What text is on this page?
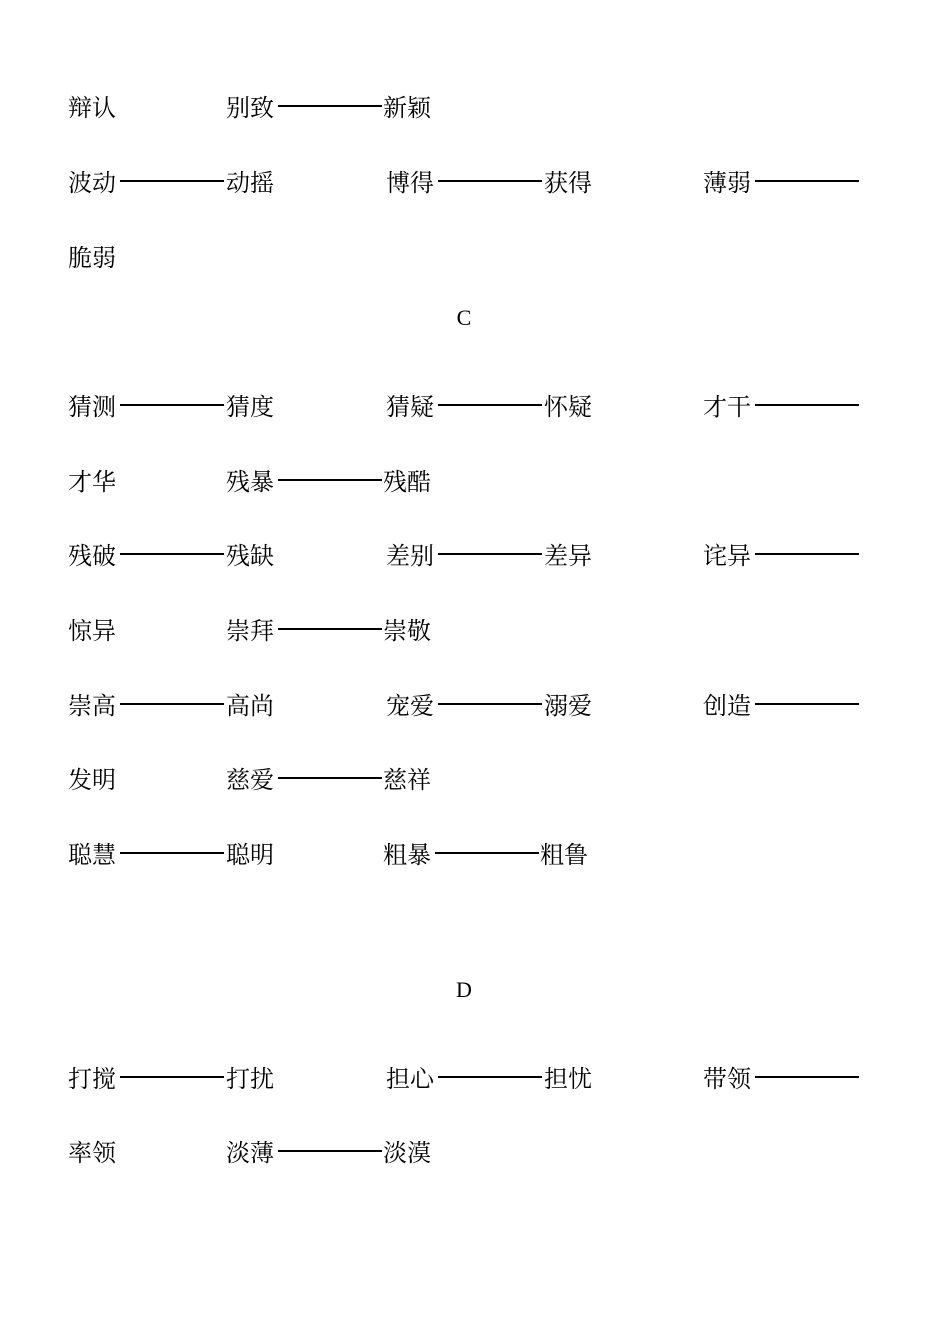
辩认	别致	新颖
波动	动摇	博得	获得	薄弱
脆弱
C
猜测	猜度	猜疑	怀疑	才干
才华	残暴	残酷
残破	残缺	差别	差异	诧异
惊异	崇拜	崇敬
崇高	高尚	宠爱	溺爱	创造
发明	慈爱	慈祥
聪慧	聪明	粗暴	粗鲁
D
打搅	打扰	担心	担忧	带领
率领	淡薄	淡漠
